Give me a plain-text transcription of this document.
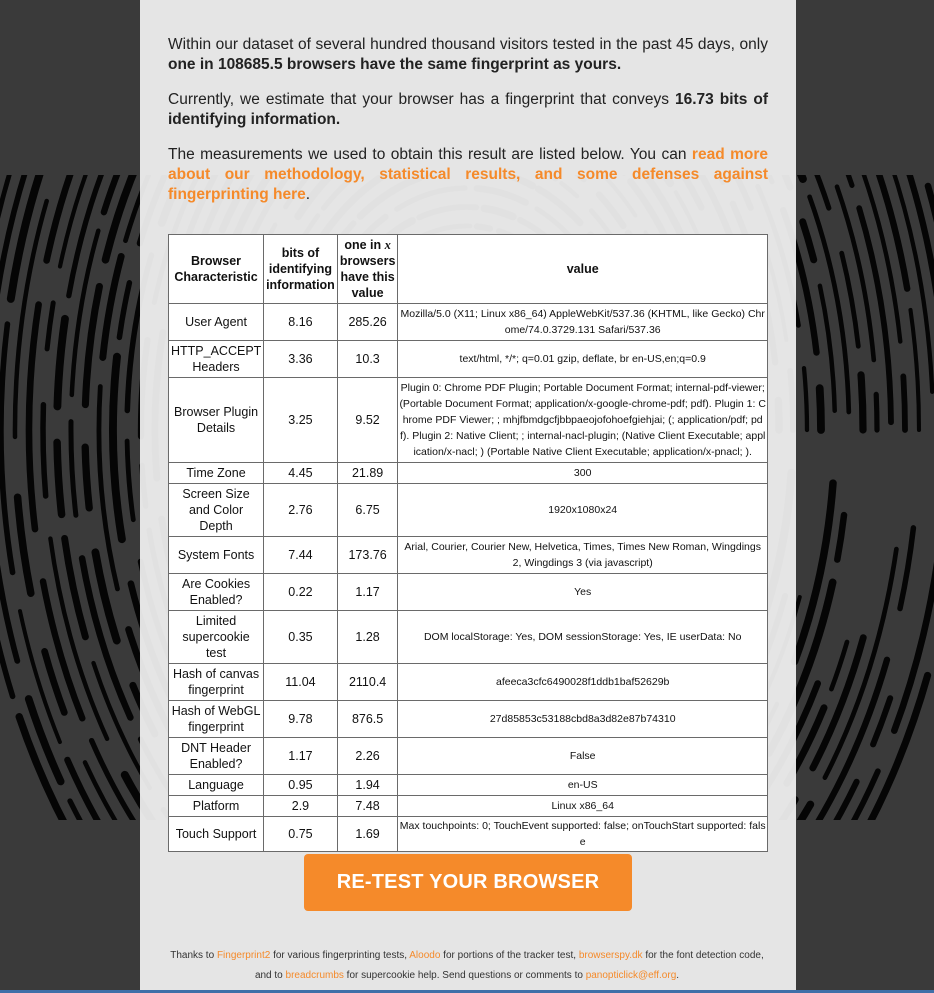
Within our dataset of several hundred thousand visitors tested in the past 45 days, only one in 108685.5 browsers have the same fingerprint as yours.

Currently, we estimate that your browser has a fingerprint that conveys 16.73 bits of identifying information.

The measurements we used to obtain this result are listed below. You can read more about our methodology, statistical results, and some defenses against fingerprinting here.

Browser Characteristic	bits of identifying information	one in x browsers have this value	value
User Agent	8.16	285.26	Mozilla/5.0 (X11; Linux x86_64) AppleWebKit/537.36 (KHTML, like Gecko) Chrome/74.0.3729.131 Safari/537.36
HTTP_ACCEPT Headers	3.36	10.3	text/html, */*; q=0.01 gzip, deflate, br en-US,en;q=0.9
Browser Plugin Details	3.25	9.52	Plugin 0: Chrome PDF Plugin; Portable Document Format; internal-pdf-viewer; (Portable Document Format; application/x-google-chrome-pdf; pdf). Plugin 1: Chrome PDF Viewer; ; mhjfbmdgcfjbbpaeojofohoefgiehjai; (; application/pdf; pdf). Plugin 2: Native Client; ; internal-nacl-plugin; (Native Client Executable; application/x-nacl; ) (Portable Native Client Executable; application/x-pnacl; ).
Time Zone	4.45	21.89	300
Screen Size and Color Depth	2.76	6.75	1920x1080x24
System Fonts	7.44	173.76	Arial, Courier, Courier New, Helvetica, Times, Times New Roman, Wingdings 2, Wingdings 3 (via javascript)
Are Cookies Enabled?	0.22	1.17	Yes
Limited supercookie test	0.35	1.28	DOM localStorage: Yes, DOM sessionStorage: Yes, IE userData: No
Hash of canvas fingerprint	11.04	2110.4	afeeca3cfc6490028f1ddb1baf52629b
Hash of WebGL fingerprint	9.78	876.5	27d85853c53188cbd8a3d82e87b74310
DNT Header Enabled?	1.17	2.26	False
Language	0.95	1.94	en-US
Platform	2.9	7.48	Linux x86_64
Touch Support	0.75	1.69	Max touchpoints: 0; TouchEvent supported: false; onTouchStart supported: false
RE-TEST YOUR BROWSER
Thanks to Fingerprint2 for various fingerprinting tests, Aloodo for portions of the tracker test, browserspy.dk for the font detection code,
and to breadcrumbs for supercookie help. Send questions or comments to panopticlick@eff.org.
